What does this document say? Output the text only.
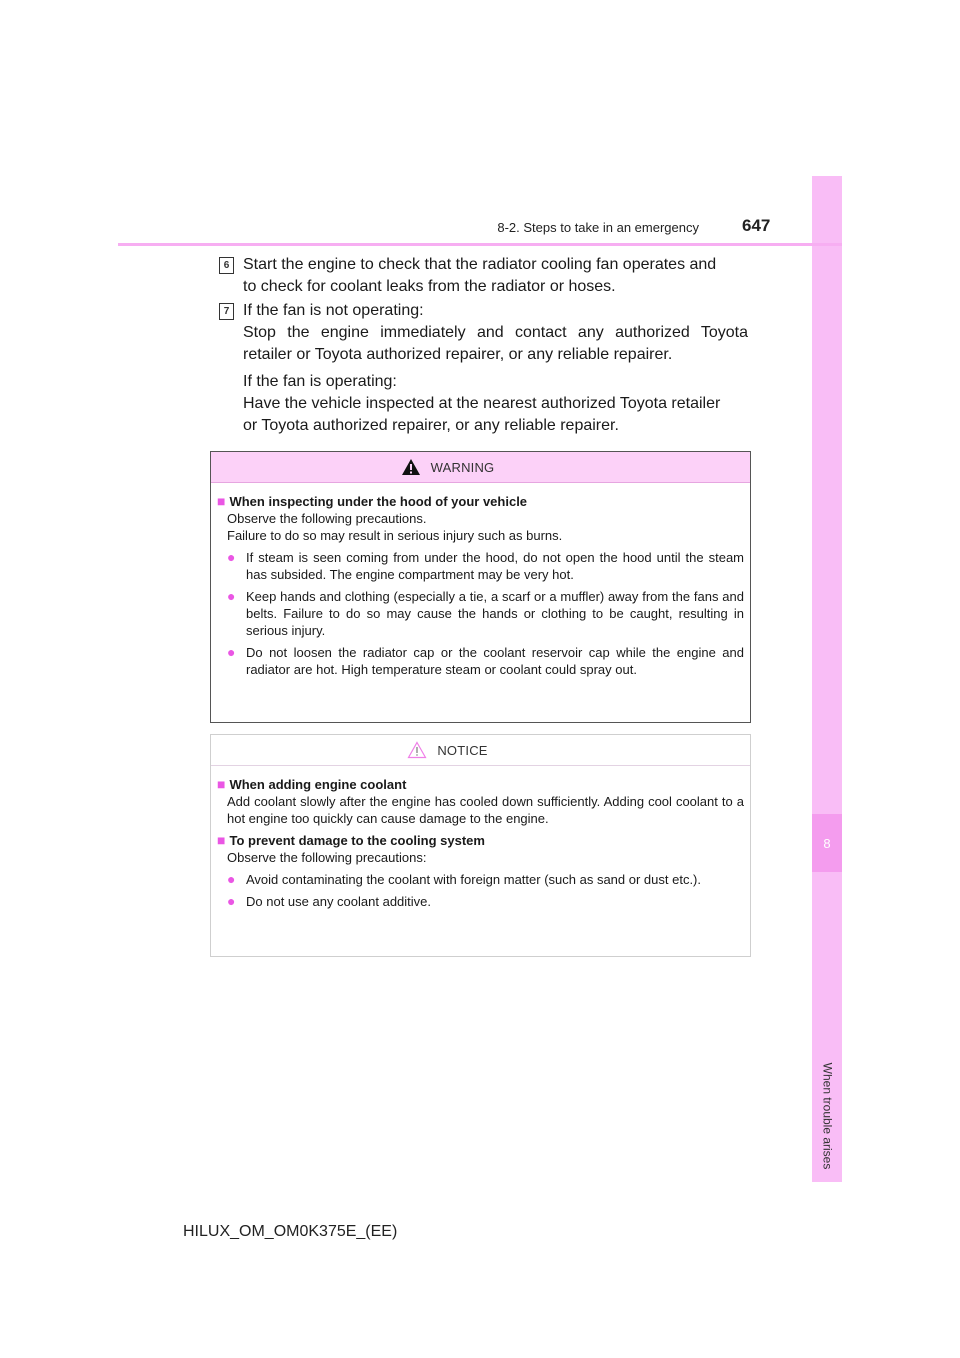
8
When trouble arises
8-2. Steps to take in an emergency	647
6 Start the engine to check that the radiator cooling fan operates and
to check for coolant leaks from the radiator or hoses.
7 If the fan is not operating:
Stop the engine immediately and contact any authorized Toyota
retailer or Toyota authorized repairer, or any reliable repairer.
If the fan is operating:
Have the vehicle inspected at the nearest authorized Toyota retailer
or Toyota authorized repairer, or any reliable repairer.
WARNING
■ When inspecting under the hood of your vehicle
Observe the following precautions.
Failure to do so may result in serious injury such as burns.
● If steam is seen coming from under the hood, do not open the hood until the steam has subsided. The engine compartment may be very hot.
● Keep hands and clothing (especially a tie, a scarf or a muffler) away from the fans and belts. Failure to do so may cause the hands or clothing to be caught, resulting in serious injury.
● Do not loosen the radiator cap or the coolant reservoir cap while the engine and radiator are hot. High temperature steam or coolant could spray out.
NOTICE
■ When adding engine coolant
Add coolant slowly after the engine has cooled down sufficiently. Adding cool coolant to a hot engine too quickly can cause damage to the engine.
■ To prevent damage to the cooling system
Observe the following precautions:
● Avoid contaminating the coolant with foreign matter (such as sand or dust etc.).
● Do not use any coolant additive.
HILUX_OM_OM0K375E_(EE)
